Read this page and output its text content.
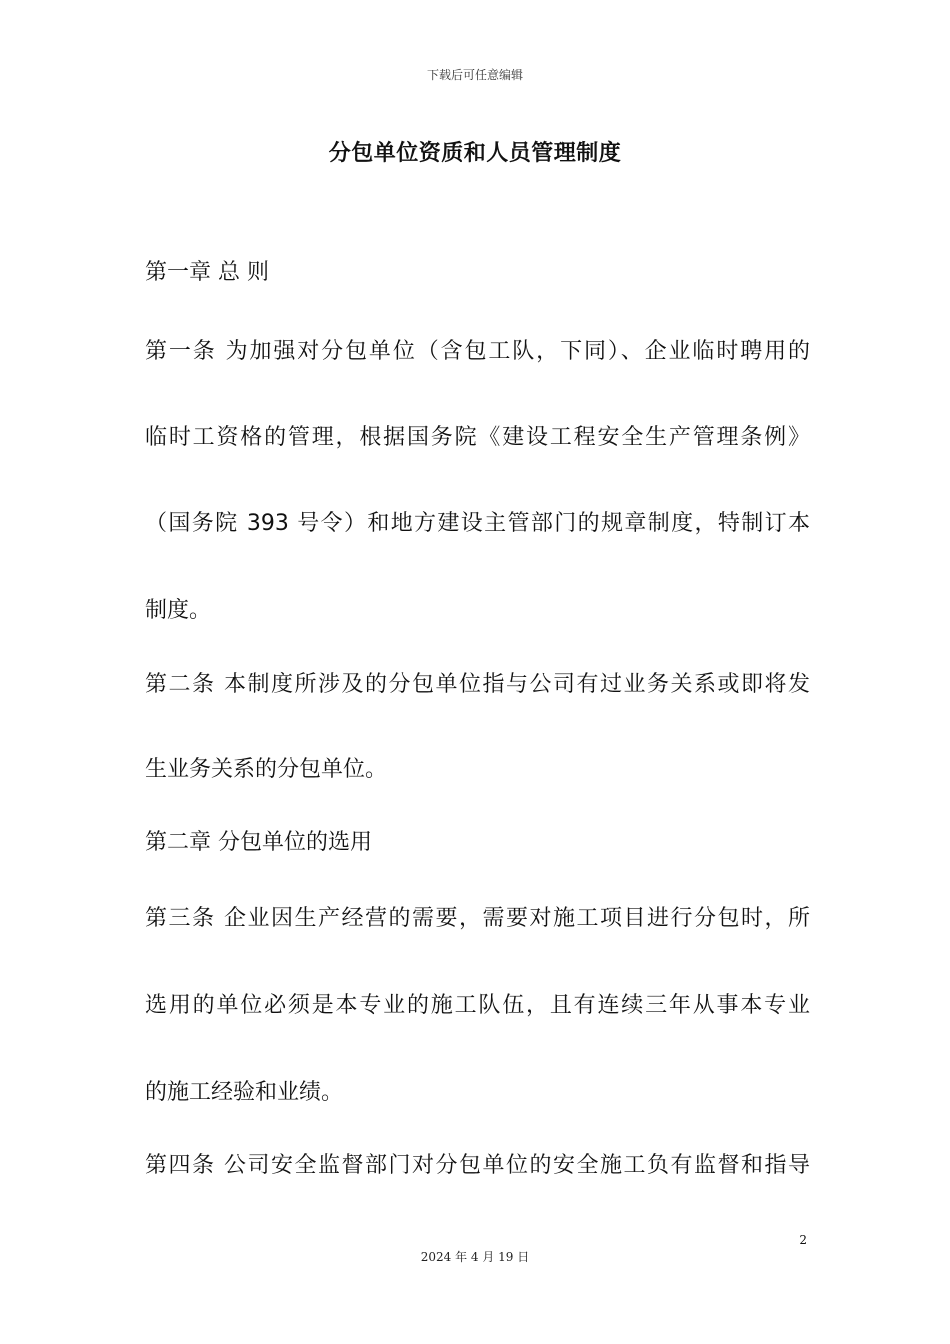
下载后可任意编辑
分包单位资质和人员管理制度
第一章 总 则
第一条 为加强对分包单位（含包工队，下同）、企业临时聘用的
临时工资格的管理，根据国务院《建设工程安全生产管理条例》
（国务院 393 号令）和地方建设主管部门的规章制度，特制订本
制度。
第二条 本制度所涉及的分包单位指与公司有过业务关系或即将发
生业务关系的分包单位。
第二章 分包单位的选用
第三条 企业因生产经营的需要，需要对施工项目进行分包时，所
选用的单位必须是本专业的施工队伍，且有连续三年从事本专业
的施工经验和业绩。
第四条 公司安全监督部门对分包单位的安全施工负有监督和指导
2
2024 年 4 月 19 日
